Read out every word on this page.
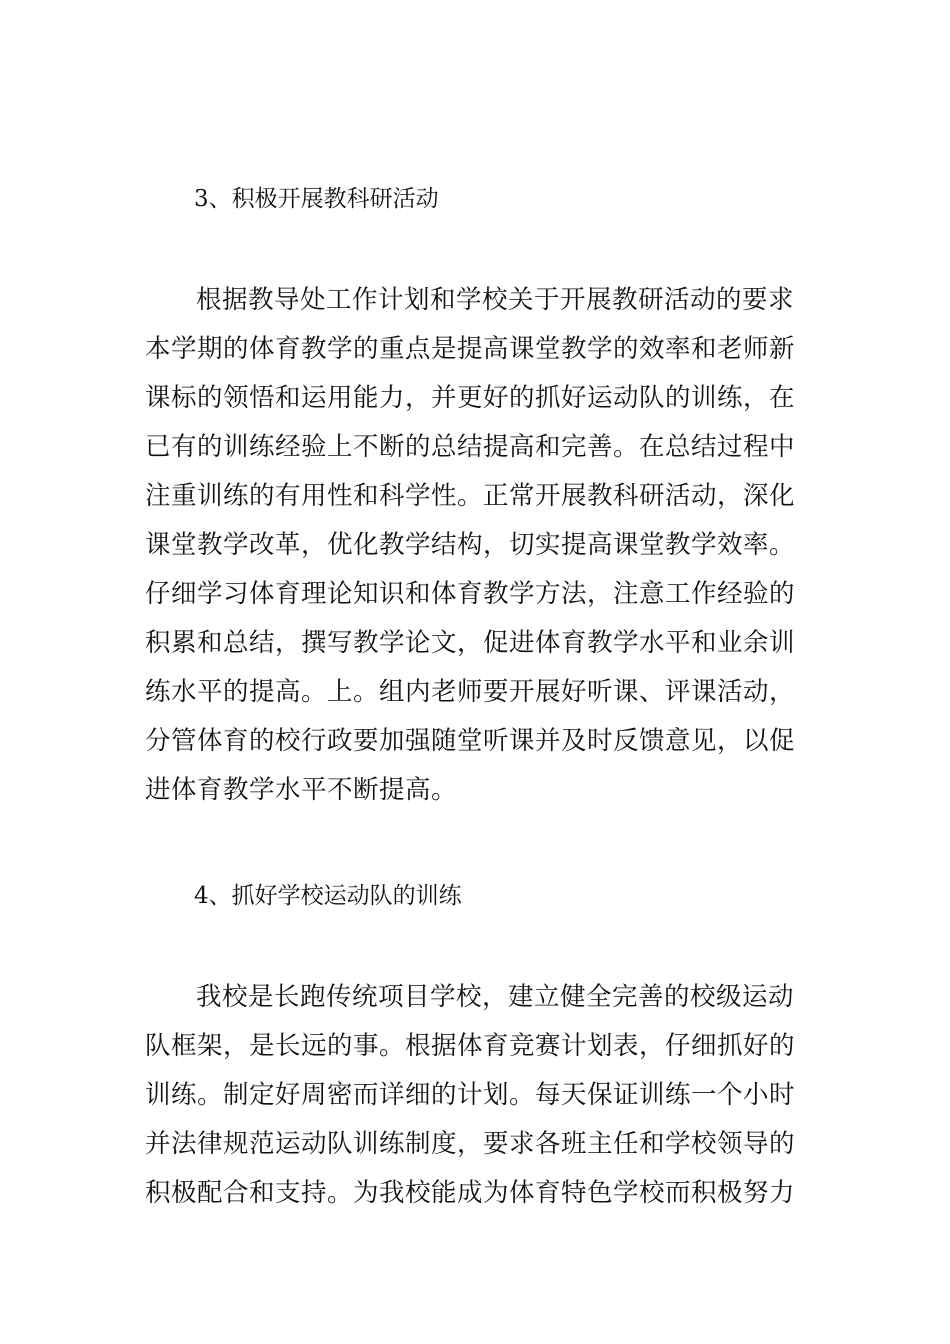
3、积极开展教科研活动
根据教导处工作计划和学校关于开展教研活动的要求
本学期的体育教学的重点是提高课堂教学的效率和老师新
课标的领悟和运用能力，并更好的抓好运动队的训练，在
已有的训练经验上不断的总结提高和完善。在总结过程中
注重训练的有用性和科学性。正常开展教科研活动，深化
课堂教学改革，优化教学结构，切实提高课堂教学效率。
仔细学习体育理论知识和体育教学方法，注意工作经验的
积累和总结，撰写教学论文，促进体育教学水平和业余训
练水平的提高。上。组内老师要开展好听课、评课活动，
分管体育的校行政要加强随堂听课并及时反馈意见，以促
进体育教学水平不断提高。
4、抓好学校运动队的训练
我校是长跑传统项目学校，建立健全完善的校级运动
队框架，是长远的事。根据体育竞赛计划表，仔细抓好的
训练。制定好周密而详细的计划。每天保证训练一个小时
并法律规范运动队训练制度，要求各班主任和学校领导的
积极配合和支持。为我校能成为体育特色学校而积极努力
